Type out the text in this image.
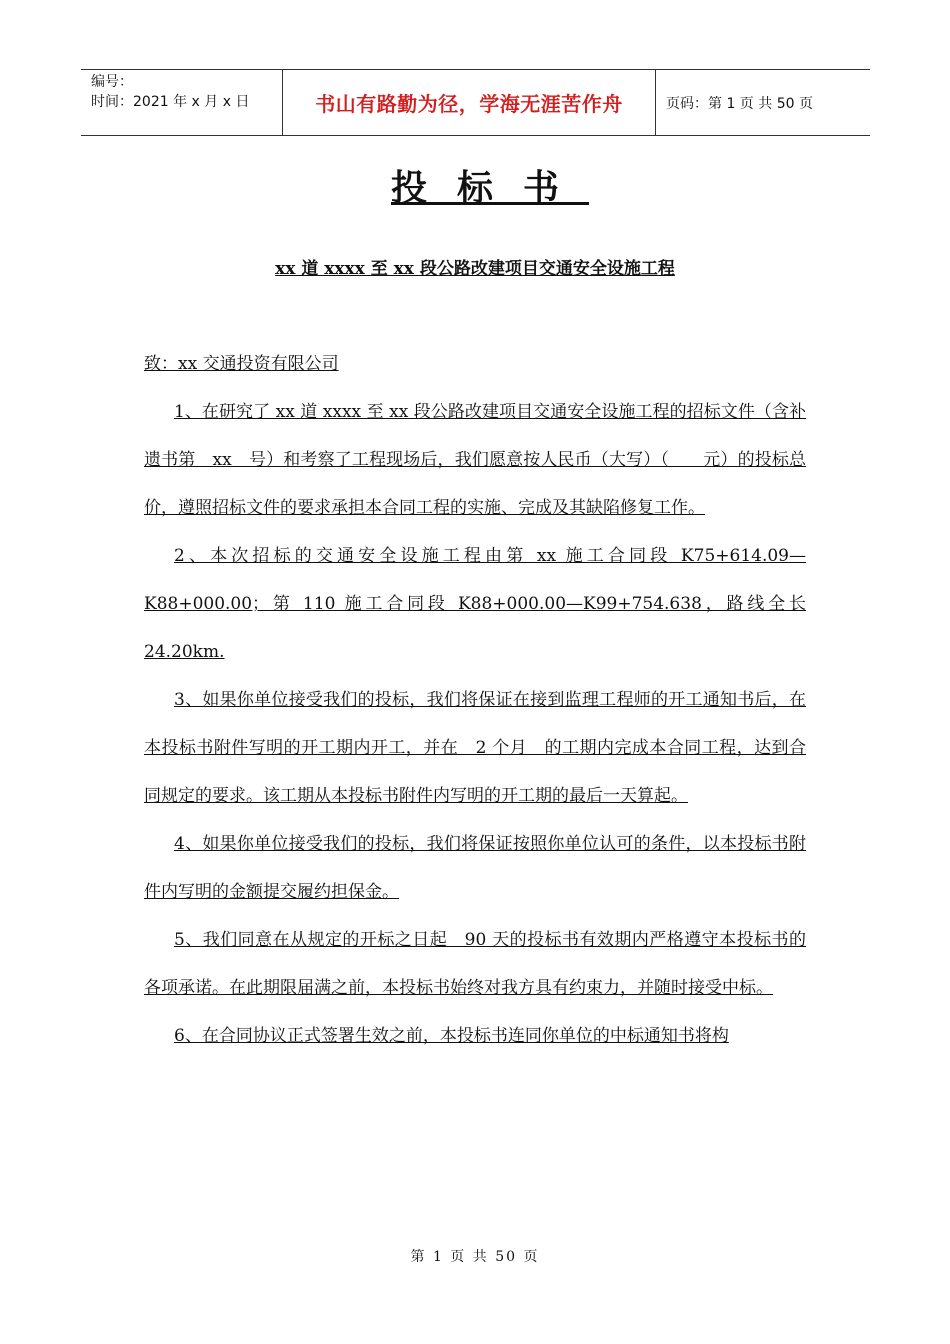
编号：
时间：2021 年 x 月 x 日	书山有路勤为径，学海无涯苦作舟	页码：第 1 页 共 50 页
投标书
xx 道 xxxx 至 xx 段公路改建项目交通安全设施工程

致：xx 交通投资有限公司

1、在研究了 xx 道 xxxx 至 xx 段公路改建项目交通安全设施工程的招标文件（含补遗书第　xx　号）和考察了工程现场后，我们愿意按人民币（大写）（　　元）的投标总价，遵照招标文件的要求承担本合同工程的实施、完成及其缺陷修复工作。

2、本次招标的交通安全设施工程由第 xx 施工合同段 K75+614.09—K88+000.00；第 110 施工合同段 K88+000.00—K99+754.638，路线全长 24.20km.

3、如果你单位接受我们的投标，我们将保证在接到监理工程师的开工通知书后，在本投标书附件写明的开工期内开工，并在　2 个月　的工期内完成本合同工程，达到合同规定的要求。该工期从本投标书附件内写明的开工期的最后一天算起。

4、如果你单位接受我们的投标，我们将保证按照你单位认可的条件，以本投标书附件内写明的金额提交履约担保金。

5、我们同意在从规定的开标之日起　90 天的投标书有效期内严格遵守本投标书的各项承诺。在此期限届满之前，本投标书始终对我方具有约束力，并随时接受中标。

6、在合同协议正式签署生效之前，本投标书连同你单位的中标通知书将构

第 1 页 共 50 页
